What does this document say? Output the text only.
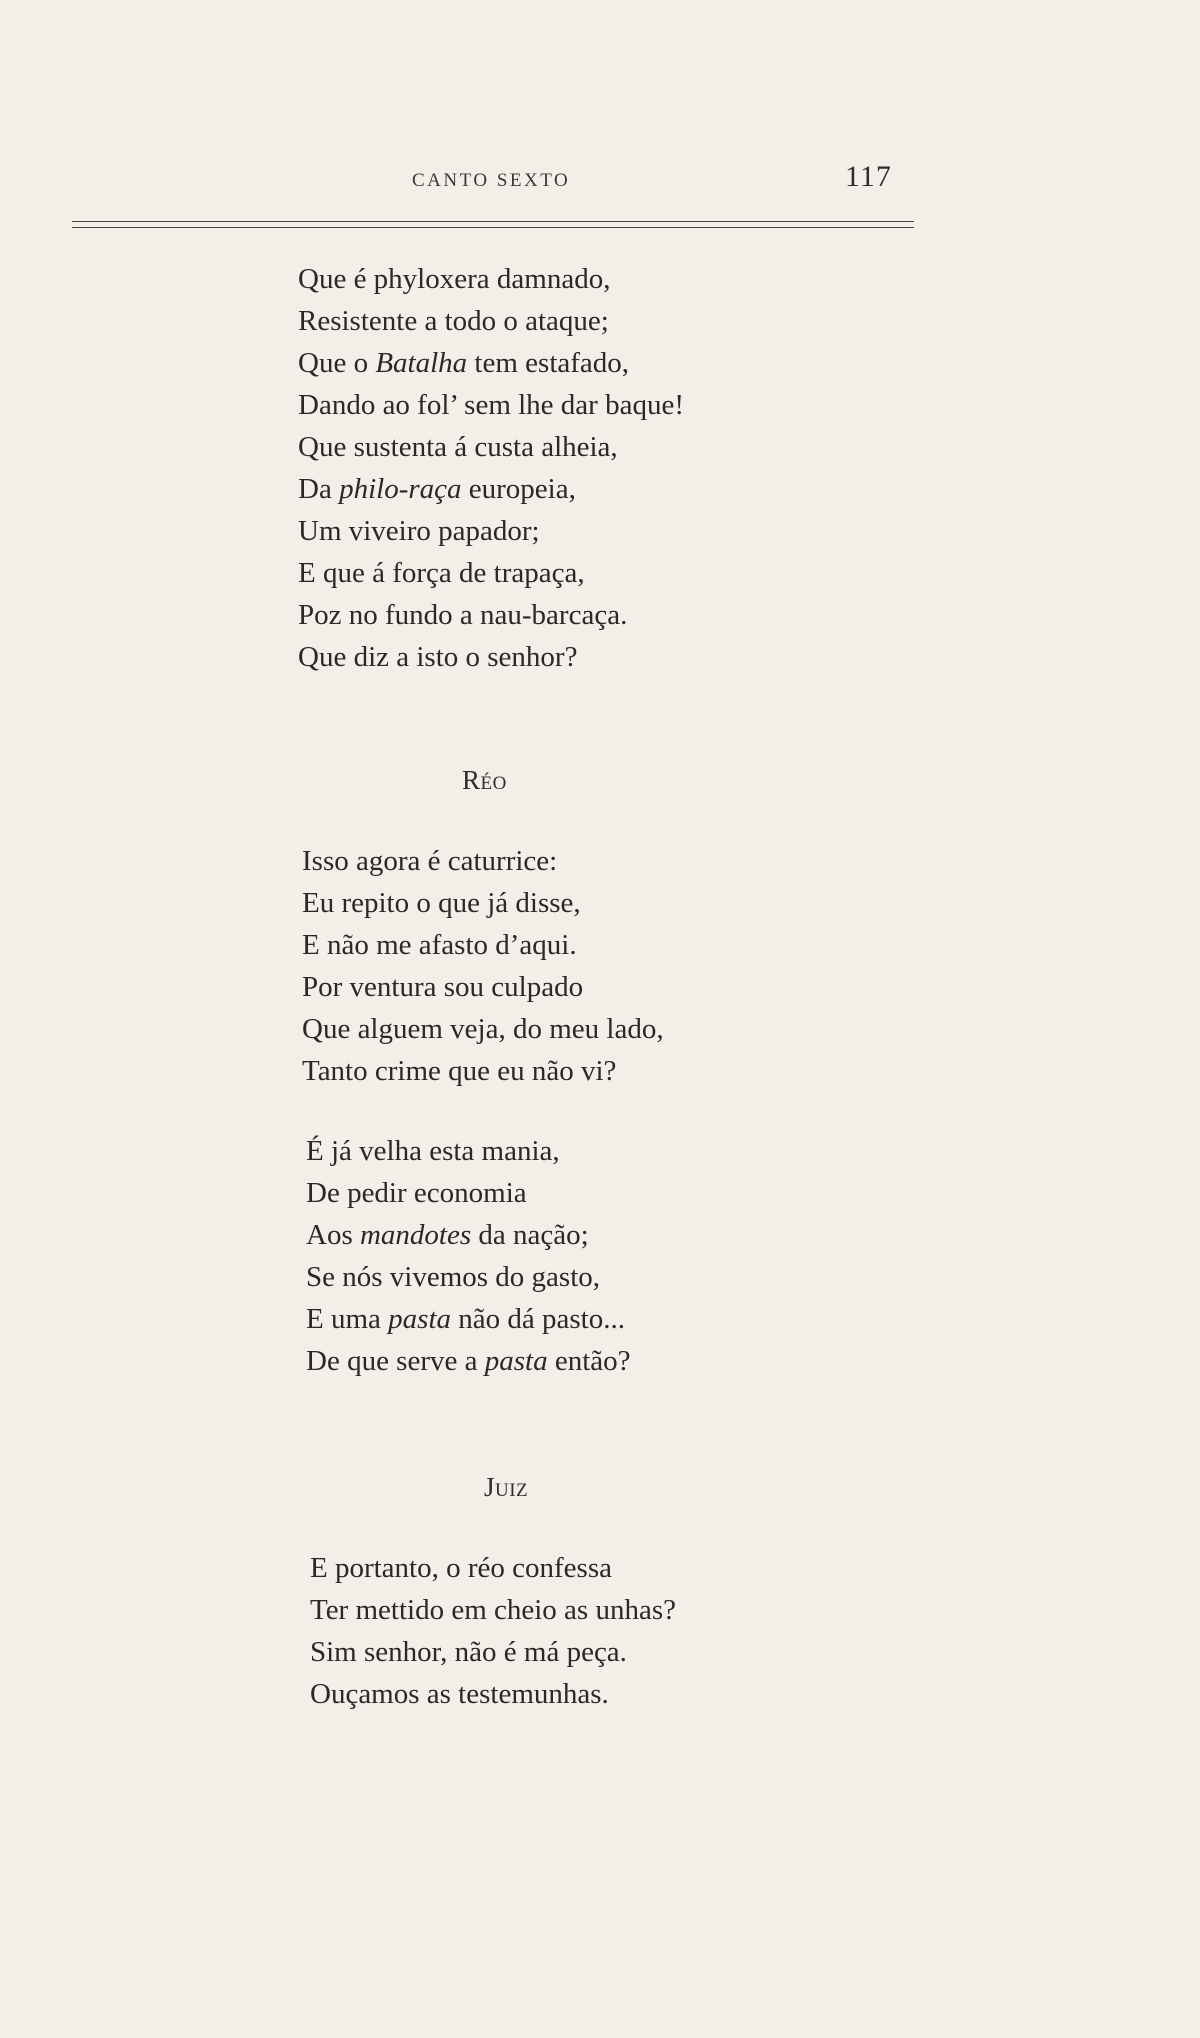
CANTO SEXTO	117
Que é phyloxera damnado,
Resistente a todo o ataque;
Que o Batalha tem estafado,
Dando ao fol’ sem lhe dar baque!
Que sustenta á custa alheia,
Da philo-raça europeia,
Um viveiro papador;
E que á força de trapaça,
Poz no fundo a nau-barcaça.
Que diz a isto o senhor?
Réo
Isso agora é caturrice:
Eu repito o que já disse,
E não me afasto d’aqui.
Por ventura sou culpado
Que alguem veja, do meu lado,
Tanto crime que eu não vi?
É já velha esta mania,
De pedir economia
Aos mandotes da nação;
Se nós vivemos do gasto,
E uma pasta não dá pasto...
De que serve a pasta então?
Juiz
E portanto, o réo confessa
Ter mettido em cheio as unhas?
Sim senhor, não é má peça.
Ouçamos as testemunhas.
